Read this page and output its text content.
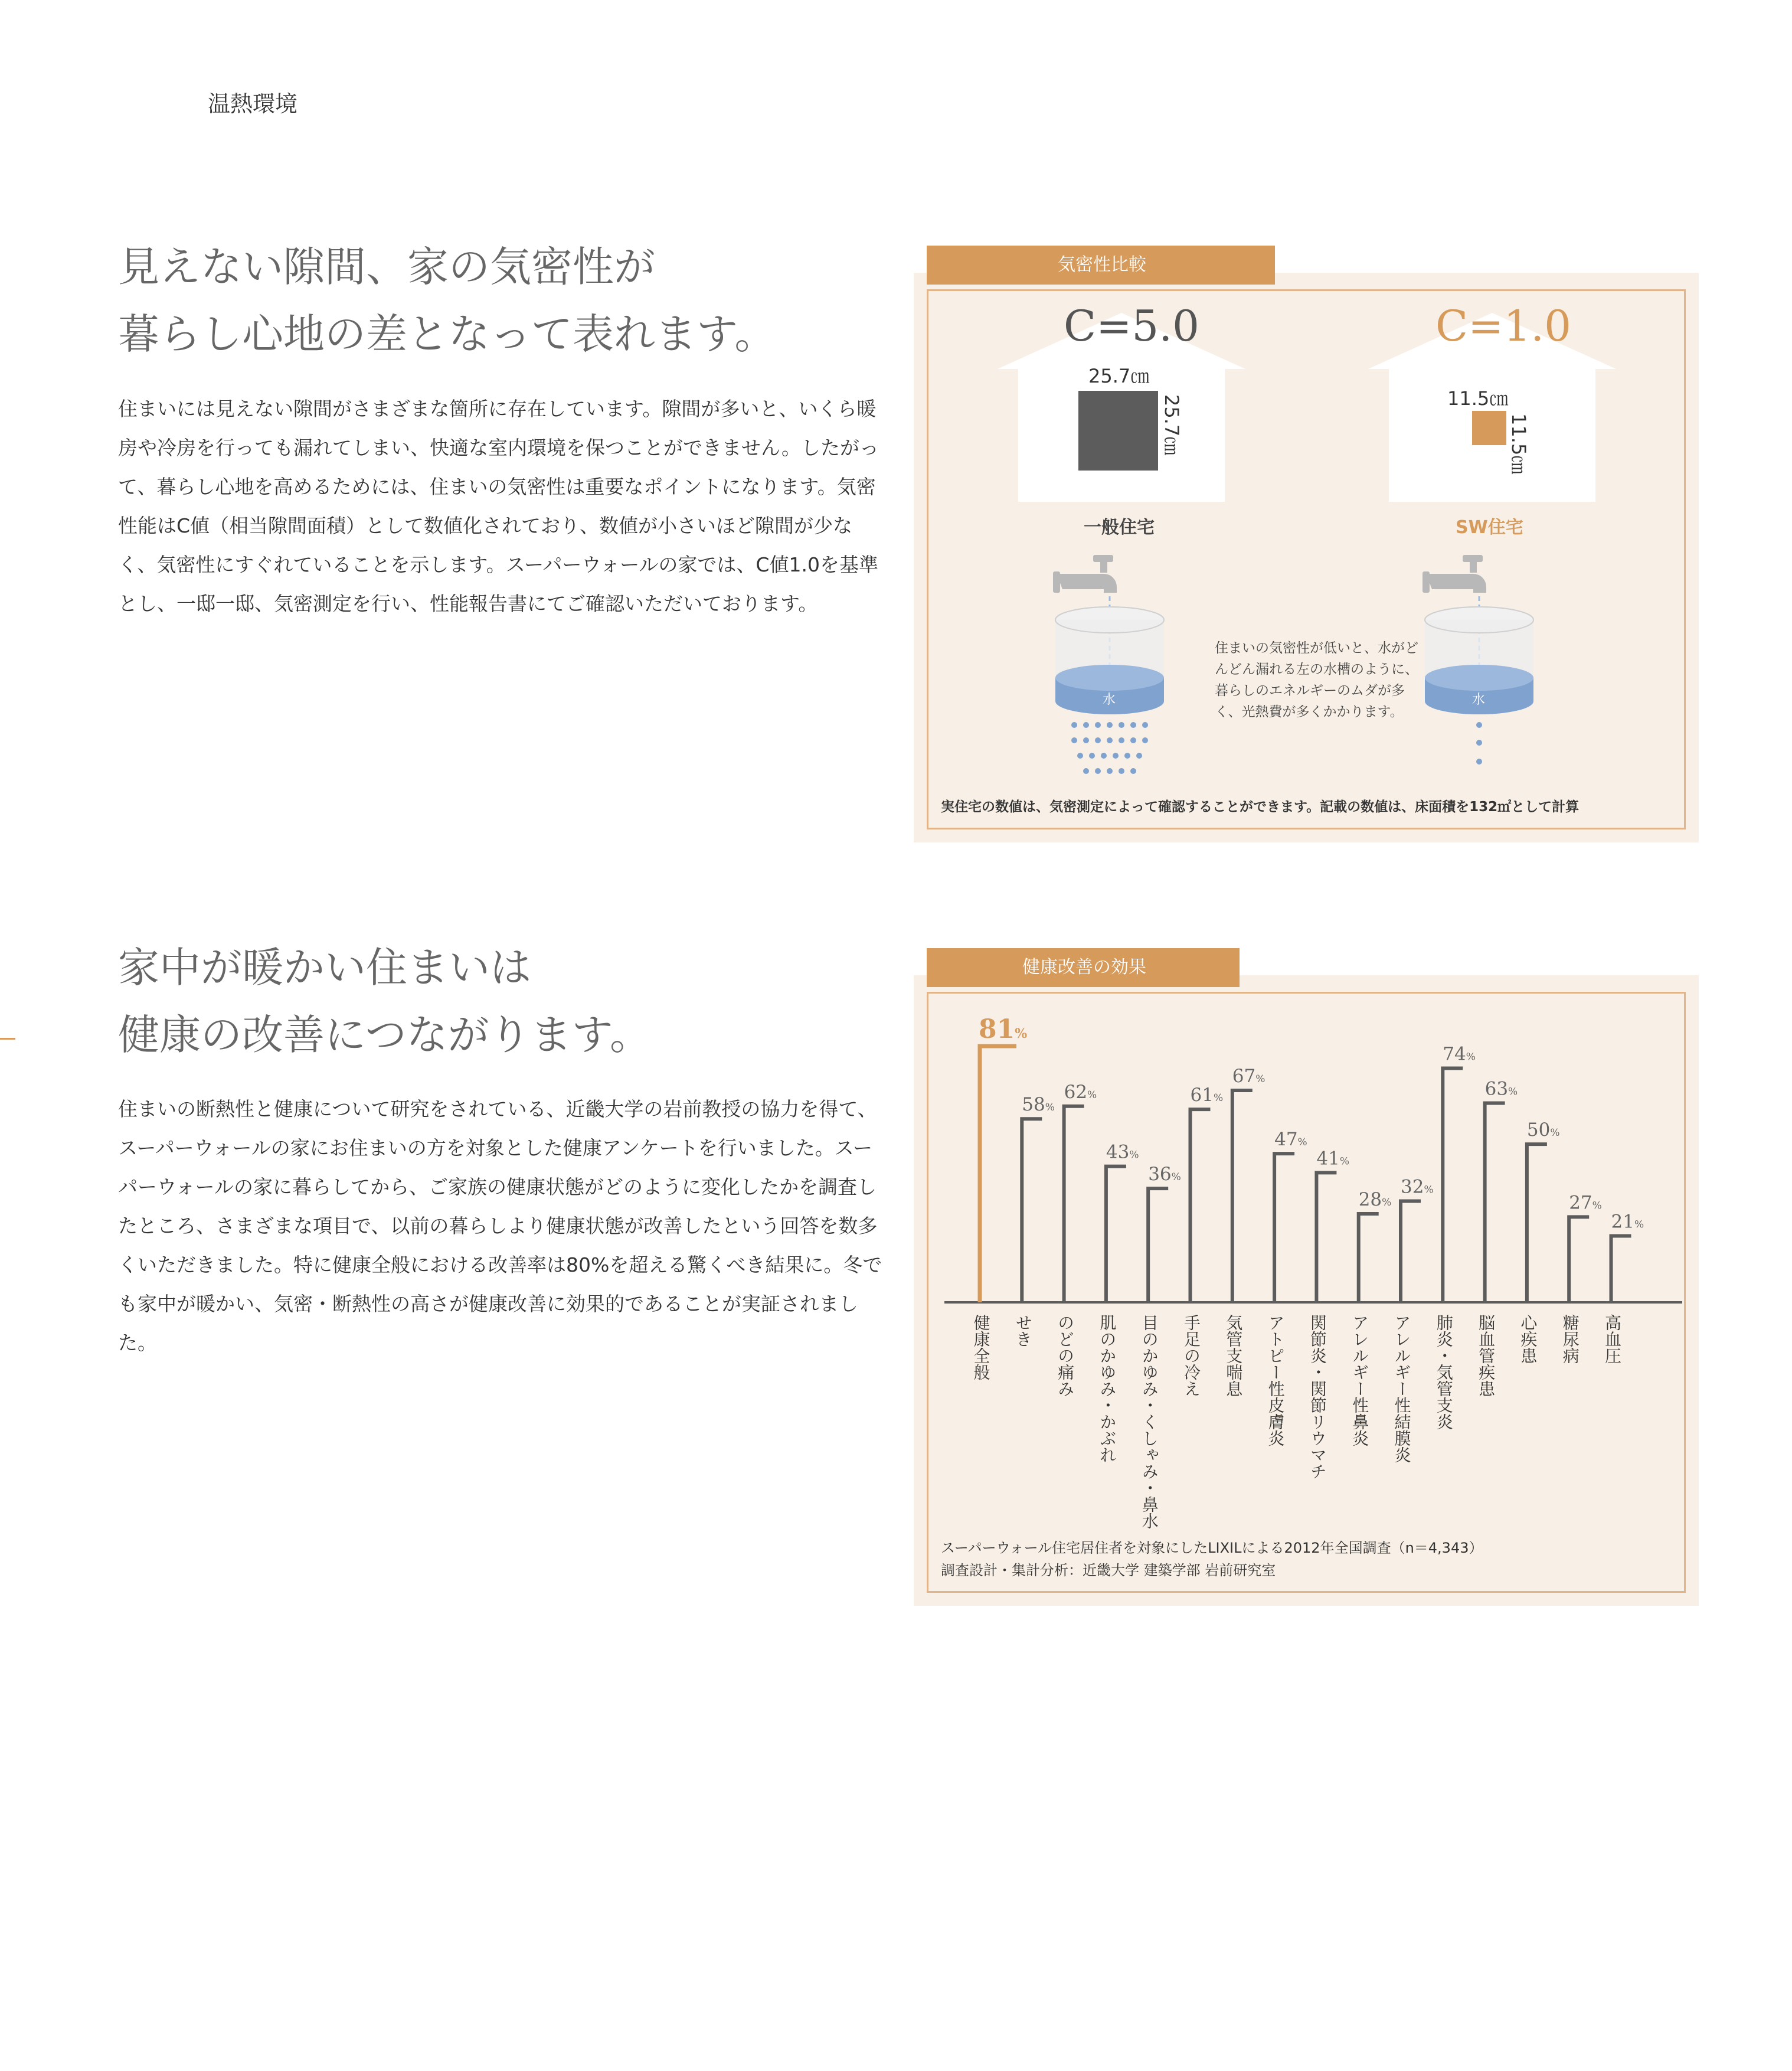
温熱環境
見えない隙間、家の気密性が
暮らし心地の差となって表れます。

住まいには見えない隙間がさまざまな箇所に存在しています。隙間が多いと、いくら暖房や冷房を行っても漏れてしまい、快適な室内環境を保つことができません。したがって、暮らし心地を高めるためには、住まいの気密性は重要なポイントになります。気密性能はC値（相当隙間面積）として数値化されており、数値が小さいほど隙間が少なく、気密性にすぐれていることを示します。スーパーウォールの家では、C値1.0を基準とし、一邸一邸、気密測定を行い、性能報告書にてご確認いただいております。

気密性比較
C=5.0
25.7㎝
25.7㎝
一般住宅
C=1.0
11.5㎝
11.5㎝
SW住宅
水	水

住まいの気密性が低いと、水がどんどん漏れる左の水槽のように、暮らしのエネルギーのムダが多く、光熱費が多くかかります。

実住宅の数値は、気密測定によって確認することができます。記載の数値は、床面積を132㎡として計算
家中が暖かい住まいは
健康の改善につながります。

住まいの断熱性と健康について研究をされている、近畿大学の岩前教授の協力を得て、スーパーウォールの家にお住まいの方を対象とした健康アンケートを行いました。スーパーウォールの家に暮らしてから、ご家族の健康状態がどのように変化したかを調査したところ、さまざまな項目で、以前の暮らしより健康状態が改善したという回答を数多くいただきました。特に健康全般における改善率は80%を超える驚くべき結果に。冬でも家中が暖かい、気密・断熱性の高さが健康改善に効果的であることが実証されました。

健康改善の効果
81%
健康全般
58%
せき
62%
のどの痛み
43%
肌のかゆみ・かぶれ
36%
目のかゆみ・くしゃみ・鼻水
61%
手足の冷え
67%
気管支喘息
47%
アトピー性皮膚炎
41%
関節炎・関節リウマチ
28%
アレルギー性鼻炎
32%
アレルギー性結膜炎
74%
肺炎・気管支炎
63%
脳血管疾患
50%
心疾患
27%
糖尿病
21%
高血圧
スーパーウォール住宅居住者を対象にしたLIXILによる2012年全国調査（n＝4,343）
調査設計・集計分析：近畿大学 建築学部 岩前研究室
